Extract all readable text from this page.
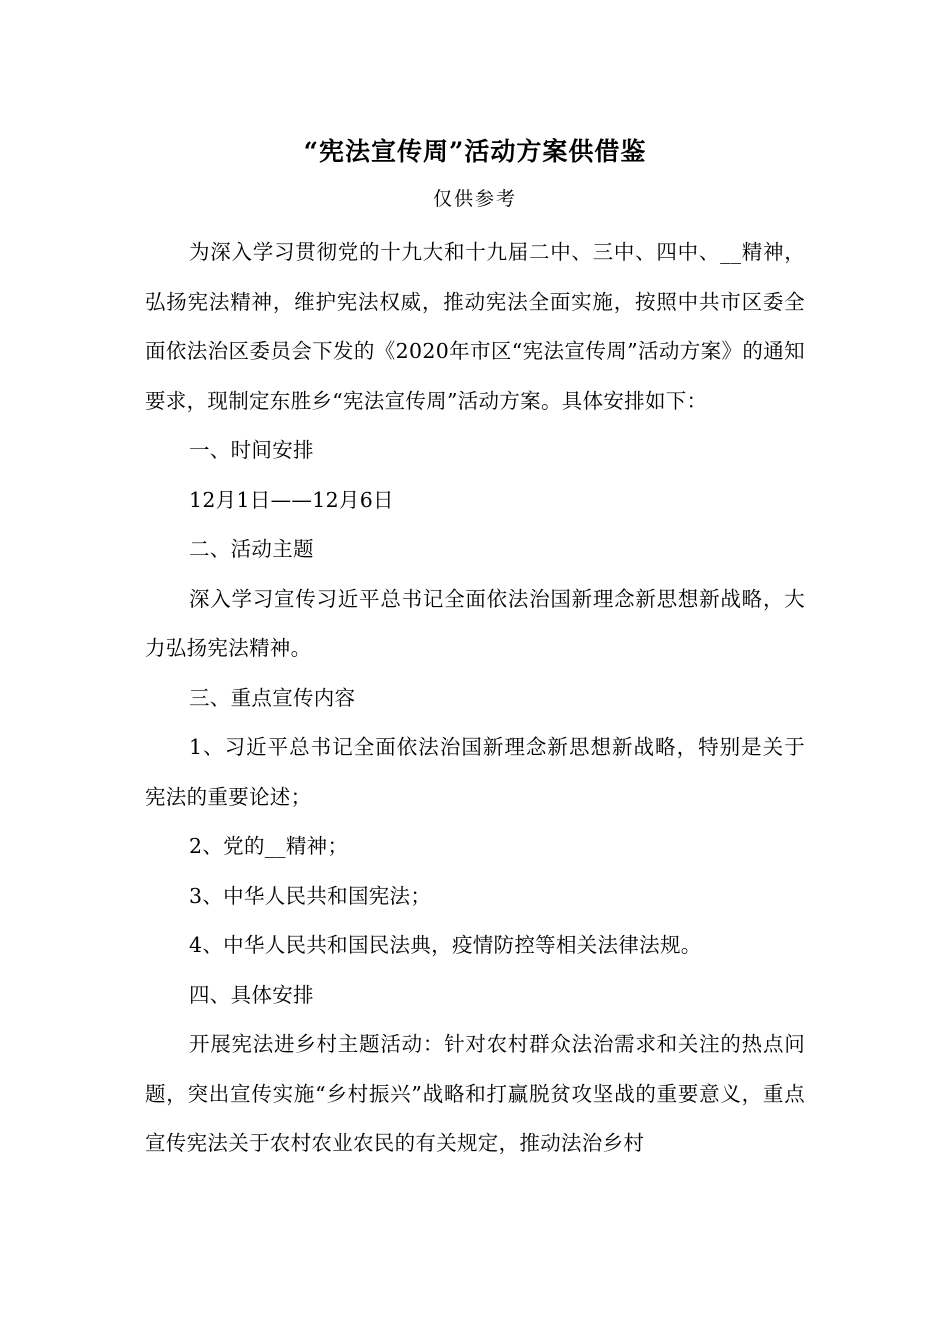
“宪法宣传周”活动方案供借鉴
仅供参考

为深入学习贯彻党的十九大和十九届二中、三中、四中、__精神，弘扬宪法精神，维护宪法权威，推动宪法全面实施，按照中共市区委全面依法治区委员会下发的《2020年市区“宪法宣传周”活动方案》的通知要求，现制定东胜乡“宪法宣传周”活动方案。具体安排如下：

一、时间安排

12月1日——12月6日

二、活动主题

深入学习宣传习近平总书记全面依法治国新理念新思想新战略，大力弘扬宪法精神。

三、重点宣传内容

1、习近平总书记全面依法治国新理念新思想新战略，特别是关于宪法的重要论述；

2、党的__精神；

3、中华人民共和国宪法；

4、中华人民共和国民法典，疫情防控等相关法律法规。

四、具体安排

开展宪法进乡村主题活动：针对农村群众法治需求和关注的热点问题，突出宣传实施“乡村振兴”战略和打赢脱贫攻坚战的重要意义，重点宣传宪法关于农村农业农民的有关规定，推动法治乡村
